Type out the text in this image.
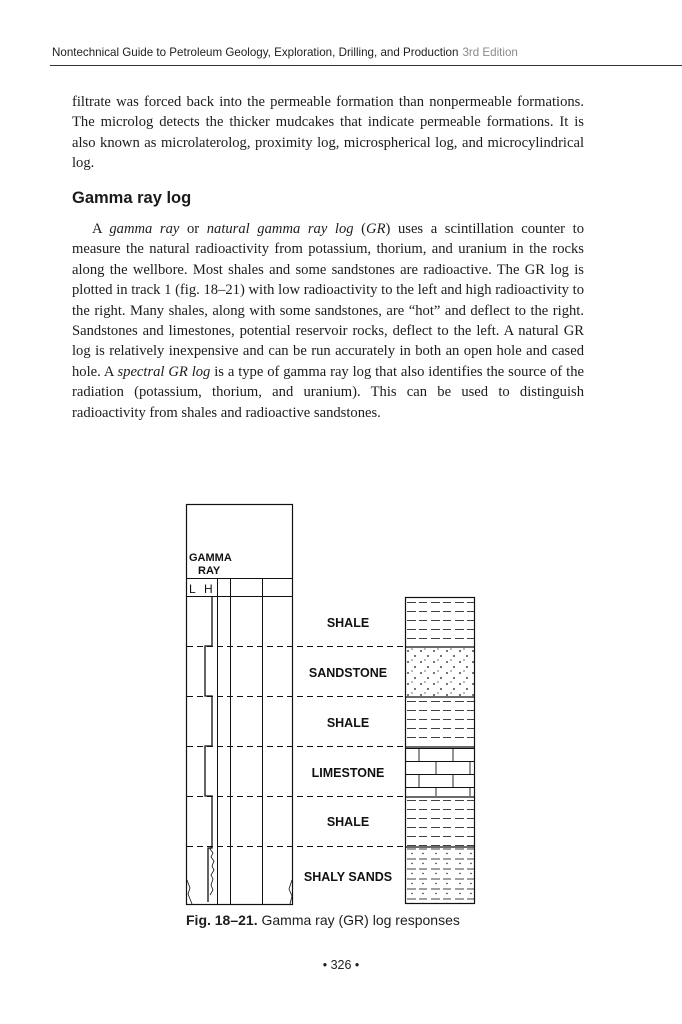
Nontechnical Guide to Petroleum Geology, Exploration, Drilling, and Production 3rd Edition

filtrate was forced back into the permeable formation than nonpermeable formations. The microlog detects the thicker mudcakes that indicate permeable formations. It is also known as microlaterolog, proximity log, microspherical log, and microcylindrical log.

Gamma ray log

A gamma ray or natural gamma ray log (GR) uses a scintillation counter to measure the natural radioactivity from potassium, thorium, and uranium in the rocks along the wellbore. Most shales and some sandstones are radioactive. The GR log is plotted in track 1 (fig. 18–21) with low radioactivity to the left and high radioactivity to the right. Many shales, along with some sandstones, are “hot” and deflect to the right. Sandstones and limestones, potential reservoir rocks, deflect to the left. A natural GR log is relatively inexpensive and can be run accurately in both an open hole and cased hole. A spectral GR log is a type of gamma ray log that also identifies the source of the radiation (potassium, thorium, and uranium). This can be used to distinguish radioactivity from shales and radioactive sandstones.

GAMMA
RAY
L H
SHALE
SANDSTONE
SHALE
LIMESTONE
SHALE
SHALY SANDS
Fig. 18–21. Gamma ray (GR) log responses
• 326 •
